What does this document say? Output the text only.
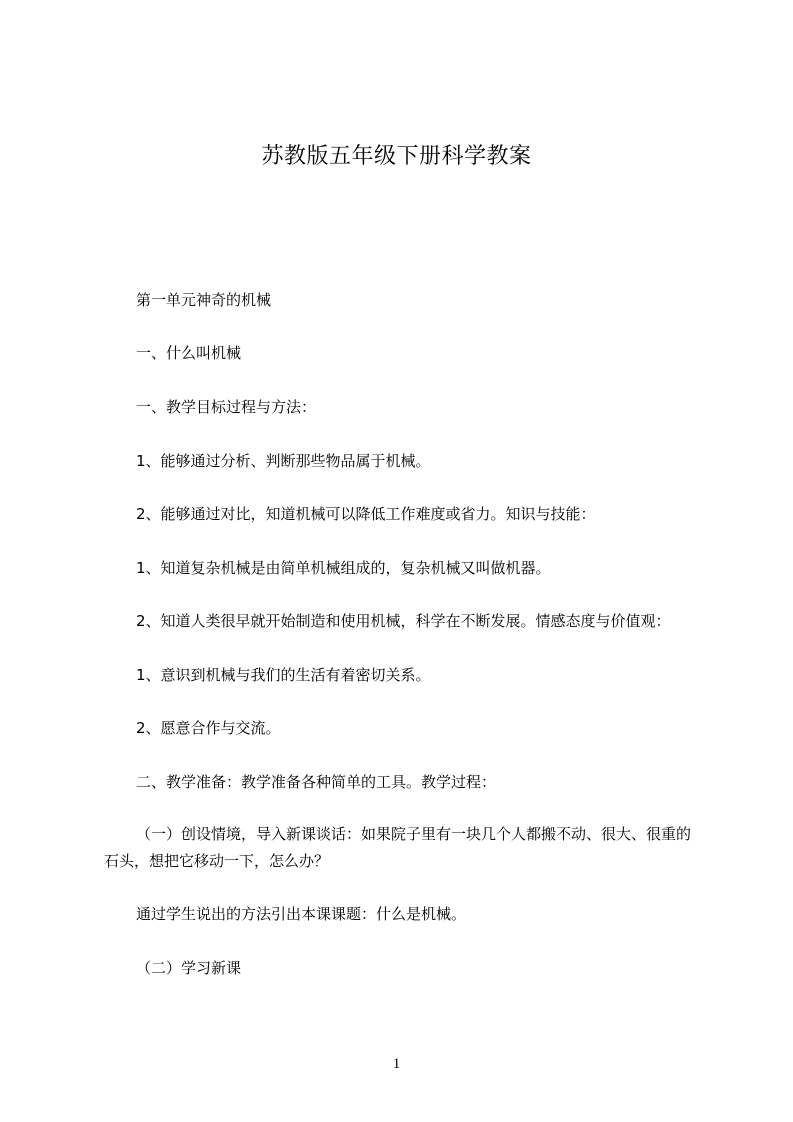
苏教版五年级下册科学教案
第一单元神奇的机械
一、什么叫机械
一、教学目标过程与方法：
1、能够通过分析、判断那些物品属于机械。
2、能够通过对比，知道机械可以降低工作难度或省力。知识与技能：
1、知道复杂机械是由简单机械组成的，复杂机械又叫做机器。
2、知道人类很早就开始制造和使用机械，科学在不断发展。情感态度与价值观：
1、意识到机械与我们的生活有着密切关系。
2、愿意合作与交流。
二、教学准备：教学准备各种简单的工具。教学过程：
（一）创设情境，导入新课谈话：如果院子里有一块几个人都搬不动、很大、很重的石头，想把它移动一下，怎么办？
通过学生说出的方法引出本课课题：什么是机械。
（二）学习新课
1
